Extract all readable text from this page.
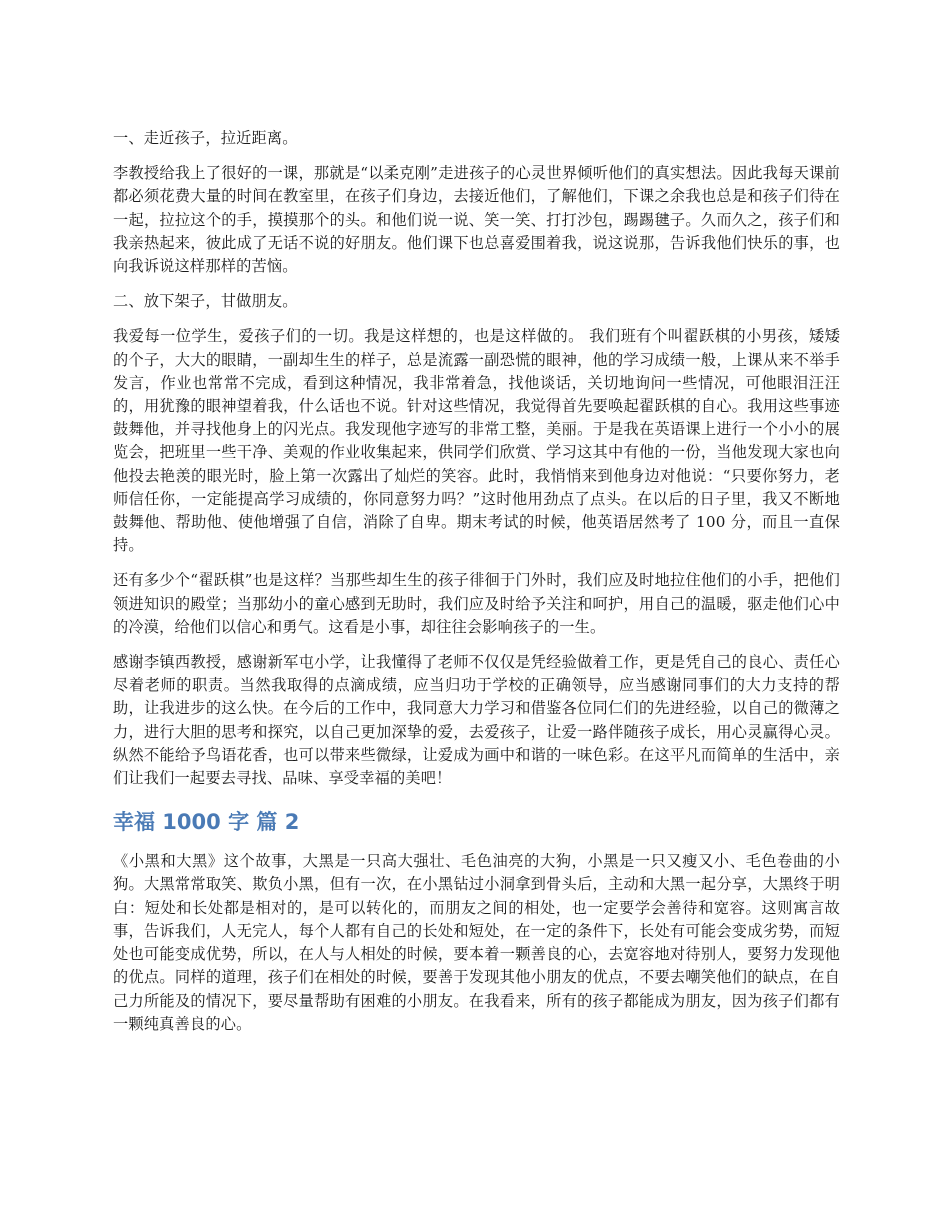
一、走近孩子，拉近距离。

李教授给我上了很好的一课，那就是“以柔克刚”走进孩子的心灵世界倾听他们的真实想法。因此我每天课前都必须花费大量的时间在教室里，在孩子们身边，去接近他们，了解他们，下课之余我也总是和孩子们待在一起，拉拉这个的手，摸摸那个的头。和他们说一说、笑一笑、打打沙包，踢踢毽子。久而久之，孩子们和我亲热起来，彼此成了无话不说的好朋友。他们课下也总喜爱围着我，说这说那，告诉我他们快乐的事，也向我诉说这样那样的苦恼。

二、放下架子，甘做朋友。

我爱每一位学生，爱孩子们的一切。我是这样想的，也是这样做的。 我们班有个叫翟跃棋的小男孩，矮矮的个子，大大的眼睛，一副却生生的样子，总是流露一副恐慌的眼神，他的学习成绩一般，上课从来不举手发言，作业也常常不完成，看到这种情况，我非常着急，找他谈话，关切地询问一些情况，可他眼泪汪汪的，用犹豫的眼神望着我，什么话也不说。针对这些情况，我觉得首先要唤起翟跃棋的自心。我用这些事迹鼓舞他，并寻找他身上的闪光点。我发现他字迹写的非常工整，美丽。于是我在英语课上进行一个小小的展览会，把班里一些干净、美观的作业收集起来，供同学们欣赏、学习这其中有他的一份，当他发现大家也向他投去艳羡的眼光时，脸上第一次露出了灿烂的笑容。此时，我悄悄来到他身边对他说：“只要你努力，老师信任你，一定能提高学习成绩的，你同意努力吗？”这时他用劲点了点头。在以后的日子里，我又不断地鼓舞他、帮助他、使他增强了自信，消除了自卑。期末考试的时候，他英语居然考了 100 分，而且一直保持。

还有多少个“翟跃棋”也是这样？当那些却生生的孩子徘徊于门外时，我们应及时地拉住他们的小手，把他们领进知识的殿堂；当那幼小的童心感到无助时，我们应及时给予关注和呵护，用自己的温暖，驱走他们心中的冷漠，给他们以信心和勇气。这看是小事，却往往会影响孩子的一生。

感谢李镇西教授，感谢新军屯小学，让我懂得了老师不仅仅是凭经验做着工作，更是凭自己的良心、责任心尽着老师的职责。当然我取得的点滴成绩，应当归功于学校的正确领导，应当感谢同事们的大力支持的帮助，让我进步的这么快。在今后的工作中，我同意大力学习和借鉴各位同仁们的先进经验，以自己的微薄之力，进行大胆的思考和探究，以自己更加深挚的爱，去爱孩子，让爱一路伴随孩子成长，用心灵赢得心灵。纵然不能给予鸟语花香，也可以带来些微绿，让爱成为画中和谐的一味色彩。在这平凡而简单的生活中，亲们让我们一起要去寻找、品味、享受幸福的美吧！

幸福 1000 字 篇 2

《小黑和大黑》这个故事，大黑是一只高大强壮、毛色油亮的大狗，小黑是一只又瘦又小、毛色卷曲的小狗。大黑常常取笑、欺负小黑，但有一次，在小黑钻过小洞拿到骨头后，主动和大黑一起分享，大黑终于明白：短处和长处都是相对的，是可以转化的，而朋友之间的相处，也一定要学会善待和宽容。这则寓言故事，告诉我们，人无完人，每个人都有自己的长处和短处，在一定的条件下，长处有可能会变成劣势，而短处也可能变成优势，所以，在人与人相处的时候，要本着一颗善良的心，去宽容地对待别人，要努力发现他的优点。同样的道理，孩子们在相处的时候，要善于发现其他小朋友的优点，不要去嘲笑他们的缺点，在自己力所能及的情况下，要尽量帮助有困难的小朋友。在我看来，所有的孩子都能成为朋友，因为孩子们都有一颗纯真善良的心。
